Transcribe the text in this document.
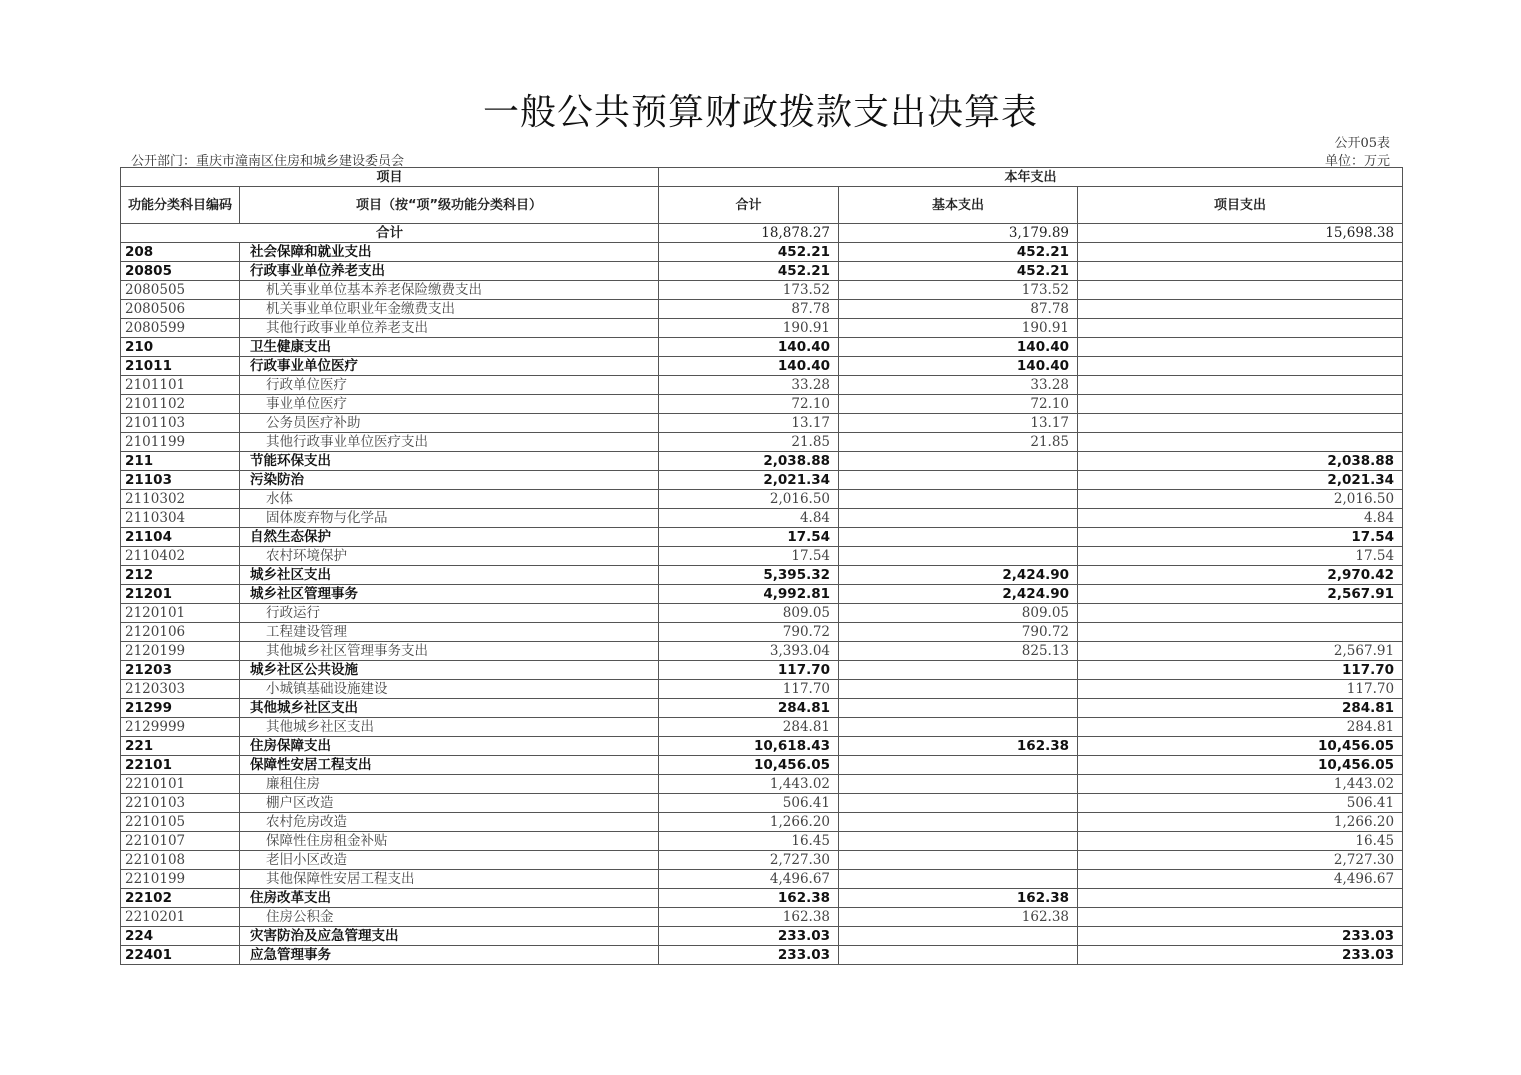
一般公共预算财政拨款支出决算表
公开05表
公开部门：重庆市潼南区住房和城乡建设委员会	单位：万元
项目		本年支出		
功能分类科目编码	项目（按“项”级功能分类科目）	合计	基本支出	项目支出
合计		18,878.27	3,179.89	15,698.38
208	社会保障和就业支出	452.21	452.21	
20805	行政事业单位养老支出	452.21	452.21	
2080505	机关事业单位基本养老保险缴费支出	173.52	173.52	
2080506	机关事业单位职业年金缴费支出	87.78	87.78	
2080599	其他行政事业单位养老支出	190.91	190.91	
210	卫生健康支出	140.40	140.40	
21011	行政事业单位医疗	140.40	140.40	
2101101	行政单位医疗	33.28	33.28	
2101102	事业单位医疗	72.10	72.10	
2101103	公务员医疗补助	13.17	13.17	
2101199	其他行政事业单位医疗支出	21.85	21.85	
211	节能环保支出	2,038.88		2,038.88
21103	污染防治	2,021.34		2,021.34
2110302	水体	2,016.50		2,016.50
2110304	固体废弃物与化学品	4.84		4.84
21104	自然生态保护	17.54		17.54
2110402	农村环境保护	17.54		17.54
212	城乡社区支出	5,395.32	2,424.90	2,970.42
21201	城乡社区管理事务	4,992.81	2,424.90	2,567.91
2120101	行政运行	809.05	809.05	
2120106	工程建设管理	790.72	790.72	
2120199	其他城乡社区管理事务支出	3,393.04	825.13	2,567.91
21203	城乡社区公共设施	117.70		117.70
2120303	小城镇基础设施建设	117.70		117.70
21299	其他城乡社区支出	284.81		284.81
2129999	其他城乡社区支出	284.81		284.81
221	住房保障支出	10,618.43	162.38	10,456.05
22101	保障性安居工程支出	10,456.05		10,456.05
2210101	廉租住房	1,443.02		1,443.02
2210103	棚户区改造	506.41		506.41
2210105	农村危房改造	1,266.20		1,266.20
2210107	保障性住房租金补贴	16.45		16.45
2210108	老旧小区改造	2,727.30		2,727.30
2210199	其他保障性安居工程支出	4,496.67		4,496.67
22102	住房改革支出	162.38	162.38	
2210201	住房公积金	162.38	162.38	
224	灾害防治及应急管理支出	233.03		233.03
22401	应急管理事务	233.03		233.03
